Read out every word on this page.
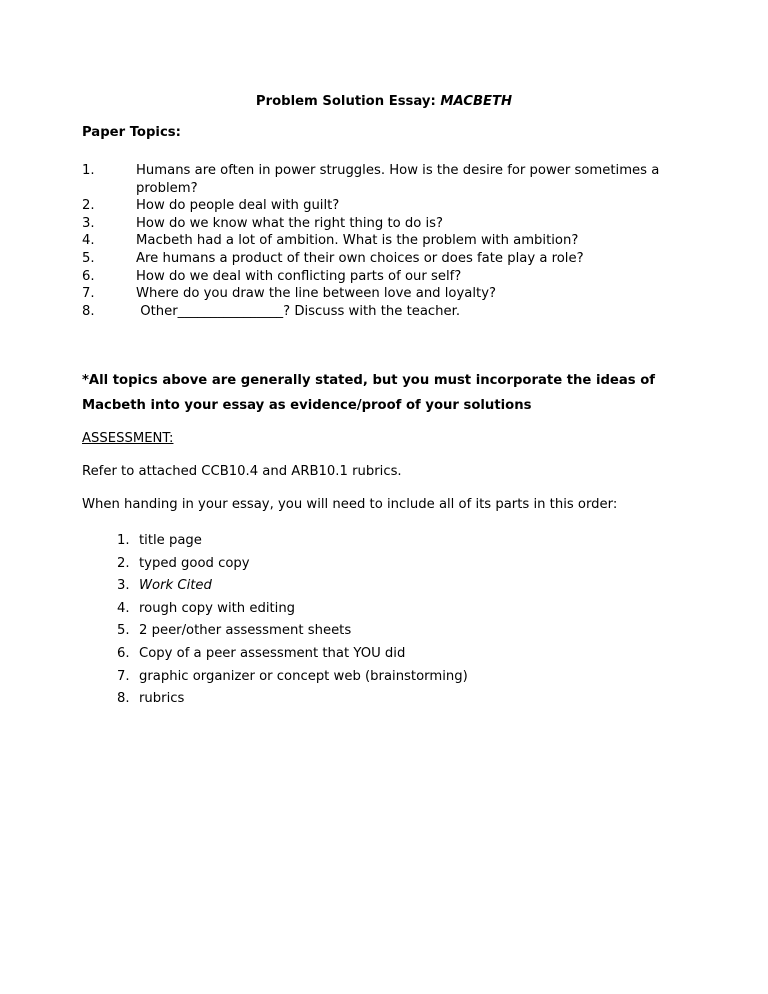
Problem Solution Essay: MACBETH
Paper Topics:
1.	Humans are often in power struggles. How is the desire for power sometimes a problem?
2.	How do people deal with guilt?
3.	How do we know what the right thing to do is?
4.	Macbeth had a lot of ambition. What is the problem with ambition?
5.	Are humans a product of their own choices or does fate play a role?
6.	How do we deal with conflicting parts of our self?
7.	Where do you draw the line between love and loyalty?
8.	Other________________? Discuss with the teacher.
*All topics above are generally stated, but you must incorporate the ideas of
Macbeth into your essay as evidence/proof of your solutions
ASSESSMENT:
Refer to attached CCB10.4 and ARB10.1 rubrics.
When handing in your essay, you will need to include all of its parts in this order:
1. title page
2. typed good copy
3. Work Cited
4. rough copy with editing
5. 2 peer/other assessment sheets
6. Copy of a peer assessment that YOU did
7. graphic organizer or concept web (brainstorming)
8. rubrics
